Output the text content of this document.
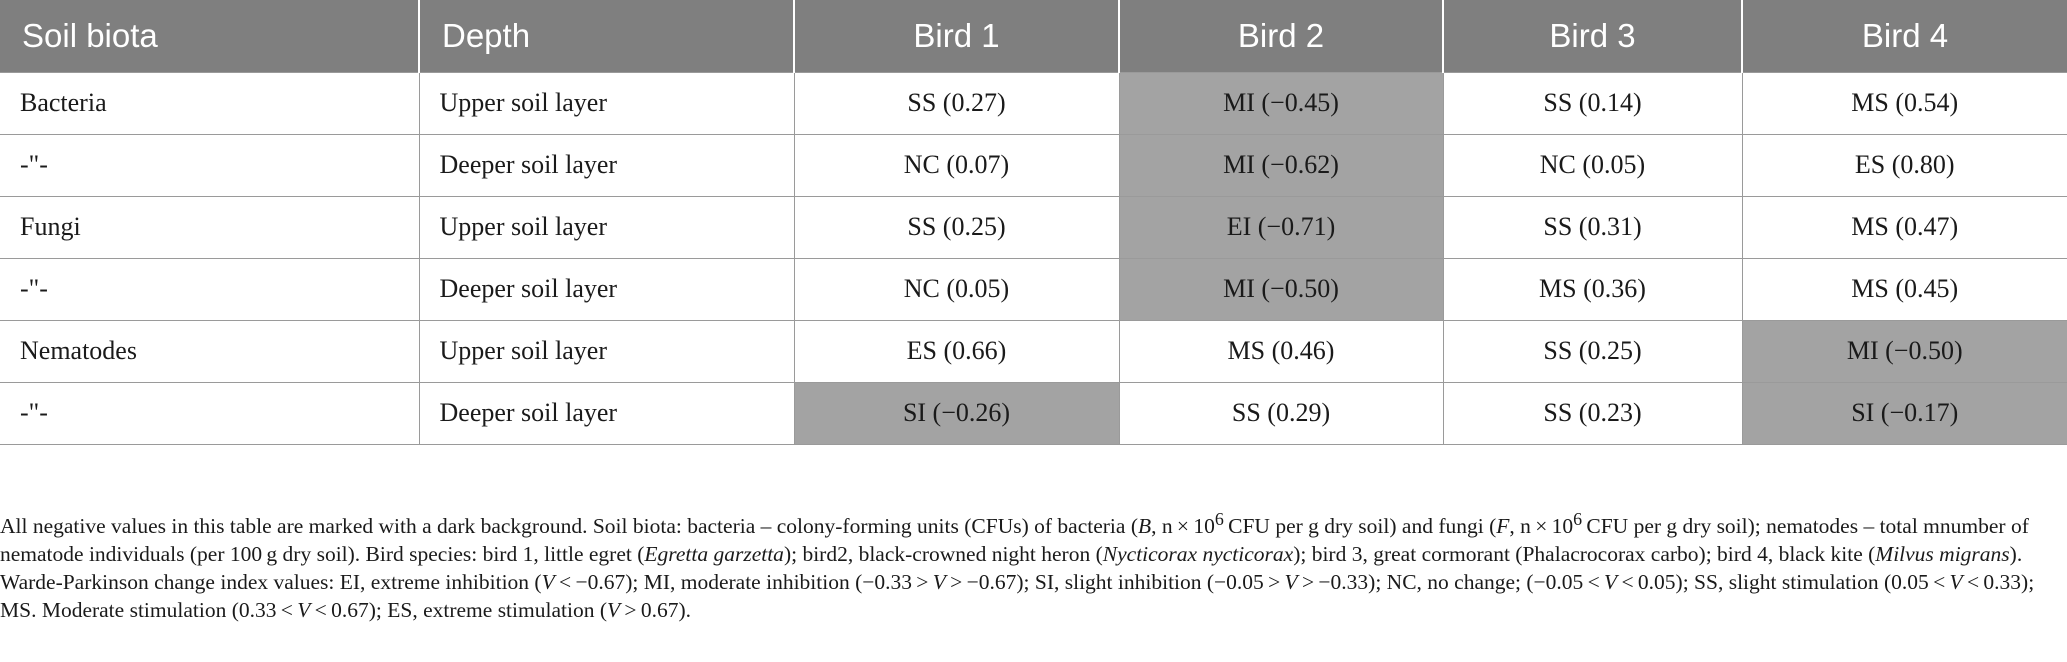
Soil biota	Depth	Bird 1	Bird 2	Bird 3	Bird 4
Bacteria	Upper soil layer	SS (0.27)	MI (−0.45)	SS (0.14)	MS (0.54)
-"-	Deeper soil layer	NC (0.07)	MI (−0.62)	NC (0.05)	ES (0.80)
Fungi	Upper soil layer	SS (0.25)	EI (−0.71)	SS (0.31)	MS (0.47)
-"-	Deeper soil layer	NC (0.05)	MI (−0.50)	MS (0.36)	MS (0.45)
Nematodes	Upper soil layer	ES (0.66)	MS (0.46)	SS (0.25)	MI (−0.50)
-"-	Deeper soil layer	SI (−0.26)	SS (0.29)	SS (0.23)	SI (−0.17)

All negative values in this table are marked with a dark background. Soil biota: bacteria – colony-forming units (CFUs) of bacteria (B, $n \times 10^6$ CFU per g dry soil) and fungi (F, $n \times 10^6$ CFU per g dry soil); nematodes – total mnumber of nematode individuals (per 100 g dry soil). Bird species: bird 1, little egret (Egretta garzetta); bird2, black-crowned night heron (Nycticorax nycticorax); bird 3, great cormorant (Phalacrocorax carbo); bird 4, black kite (Milvus migrans). Warde-Parkinson change index values: EI, extreme inhibition (V < −0.67); MI, moderate inhibition (−0.33 > V > −0.67); SI, slight inhibition (−0.05 > V > −0.33); NC, no change; (−0.05 < V < 0.05); SS, slight stimulation (0.05 < V < 0.33); MS. Moderate stimulation (0.33 < V < 0.67); ES, extreme stimulation (V > 0.67).
